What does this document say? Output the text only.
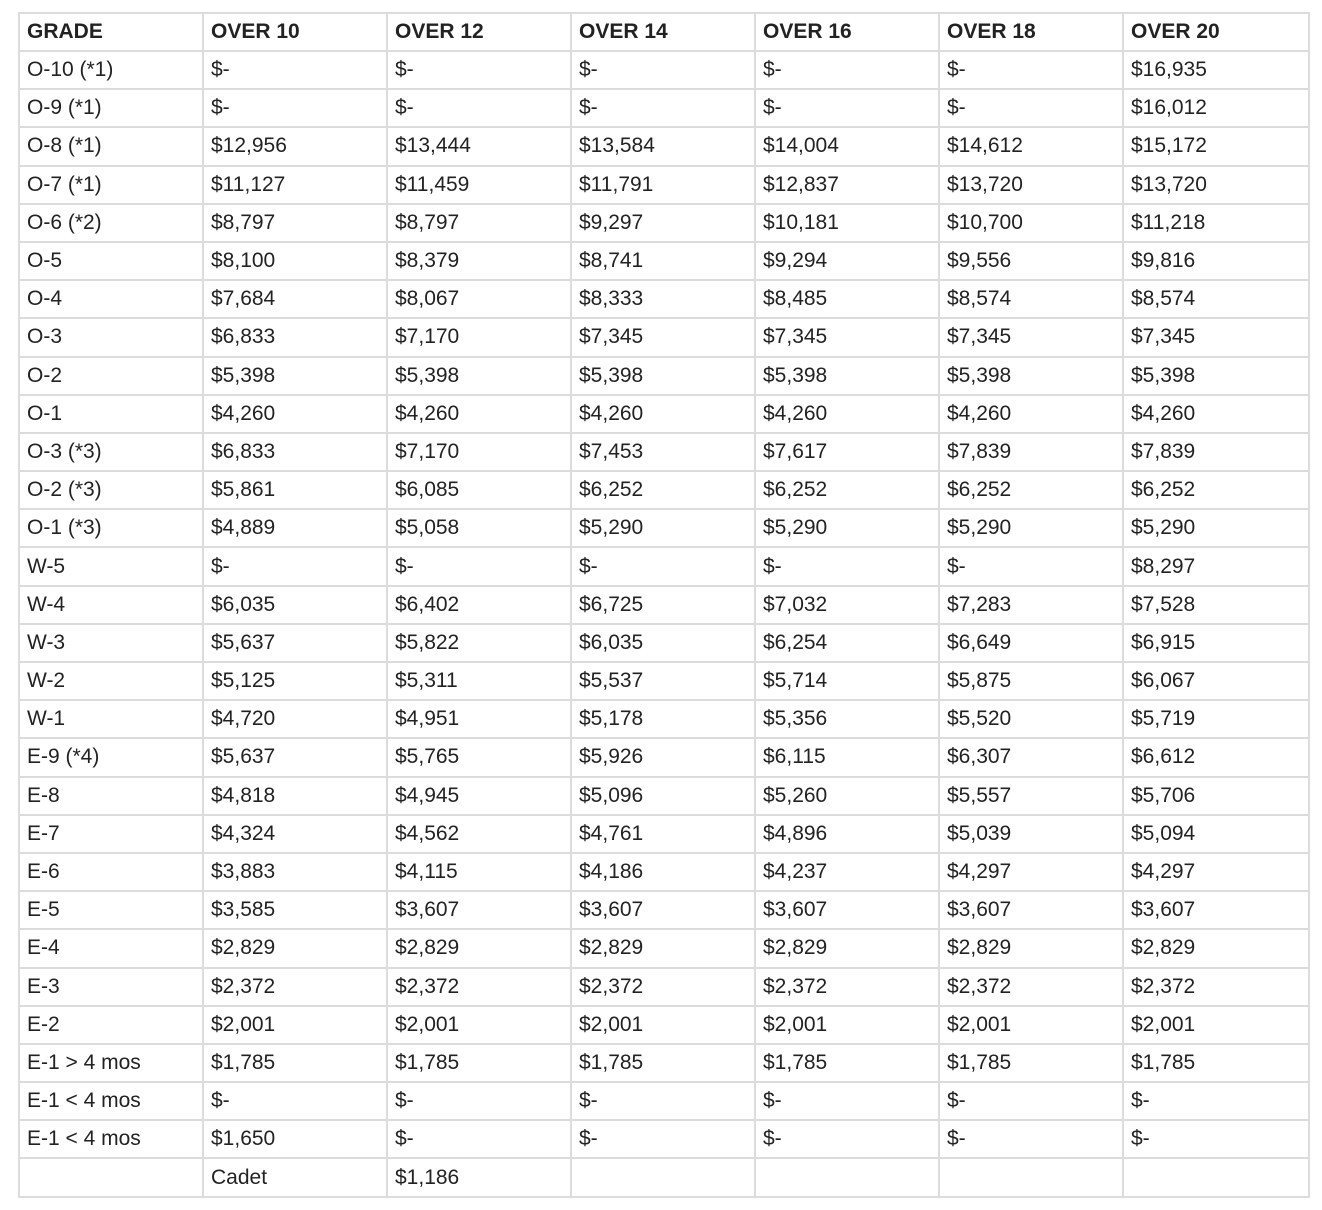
GRADE	OVER 10	OVER 12	OVER 14	OVER 16	OVER 18	OVER 20
O-10 (*1)	$-	$-	$-	$-	$-	$16,935
O-9 (*1)	$-	$-	$-	$-	$-	$16,012
O-8 (*1)	$12,956	$13,444	$13,584	$14,004	$14,612	$15,172
O-7 (*1)	$11,127	$11,459	$11,791	$12,837	$13,720	$13,720
O-6 (*2)	$8,797	$8,797	$9,297	$10,181	$10,700	$11,218
O-5	$8,100	$8,379	$8,741	$9,294	$9,556	$9,816
O-4	$7,684	$8,067	$8,333	$8,485	$8,574	$8,574
O-3	$6,833	$7,170	$7,345	$7,345	$7,345	$7,345
O-2	$5,398	$5,398	$5,398	$5,398	$5,398	$5,398
O-1	$4,260	$4,260	$4,260	$4,260	$4,260	$4,260
O-3 (*3)	$6,833	$7,170	$7,453	$7,617	$7,839	$7,839
O-2 (*3)	$5,861	$6,085	$6,252	$6,252	$6,252	$6,252
O-1 (*3)	$4,889	$5,058	$5,290	$5,290	$5,290	$5,290
W-5	$-	$-	$-	$-	$-	$8,297
W-4	$6,035	$6,402	$6,725	$7,032	$7,283	$7,528
W-3	$5,637	$5,822	$6,035	$6,254	$6,649	$6,915
W-2	$5,125	$5,311	$5,537	$5,714	$5,875	$6,067
W-1	$4,720	$4,951	$5,178	$5,356	$5,520	$5,719
E-9 (*4)	$5,637	$5,765	$5,926	$6,115	$6,307	$6,612
E-8	$4,818	$4,945	$5,096	$5,260	$5,557	$5,706
E-7	$4,324	$4,562	$4,761	$4,896	$5,039	$5,094
E-6	$3,883	$4,115	$4,186	$4,237	$4,297	$4,297
E-5	$3,585	$3,607	$3,607	$3,607	$3,607	$3,607
E-4	$2,829	$2,829	$2,829	$2,829	$2,829	$2,829
E-3	$2,372	$2,372	$2,372	$2,372	$2,372	$2,372
E-2	$2,001	$2,001	$2,001	$2,001	$2,001	$2,001
E-1 > 4 mos	$1,785	$1,785	$1,785	$1,785	$1,785	$1,785
E-1 < 4 mos	$-	$-	$-	$-	$-	$-
E-1 < 4 mos	$1,650	$-	$-	$-	$-	$-
	Cadet	$1,186				
